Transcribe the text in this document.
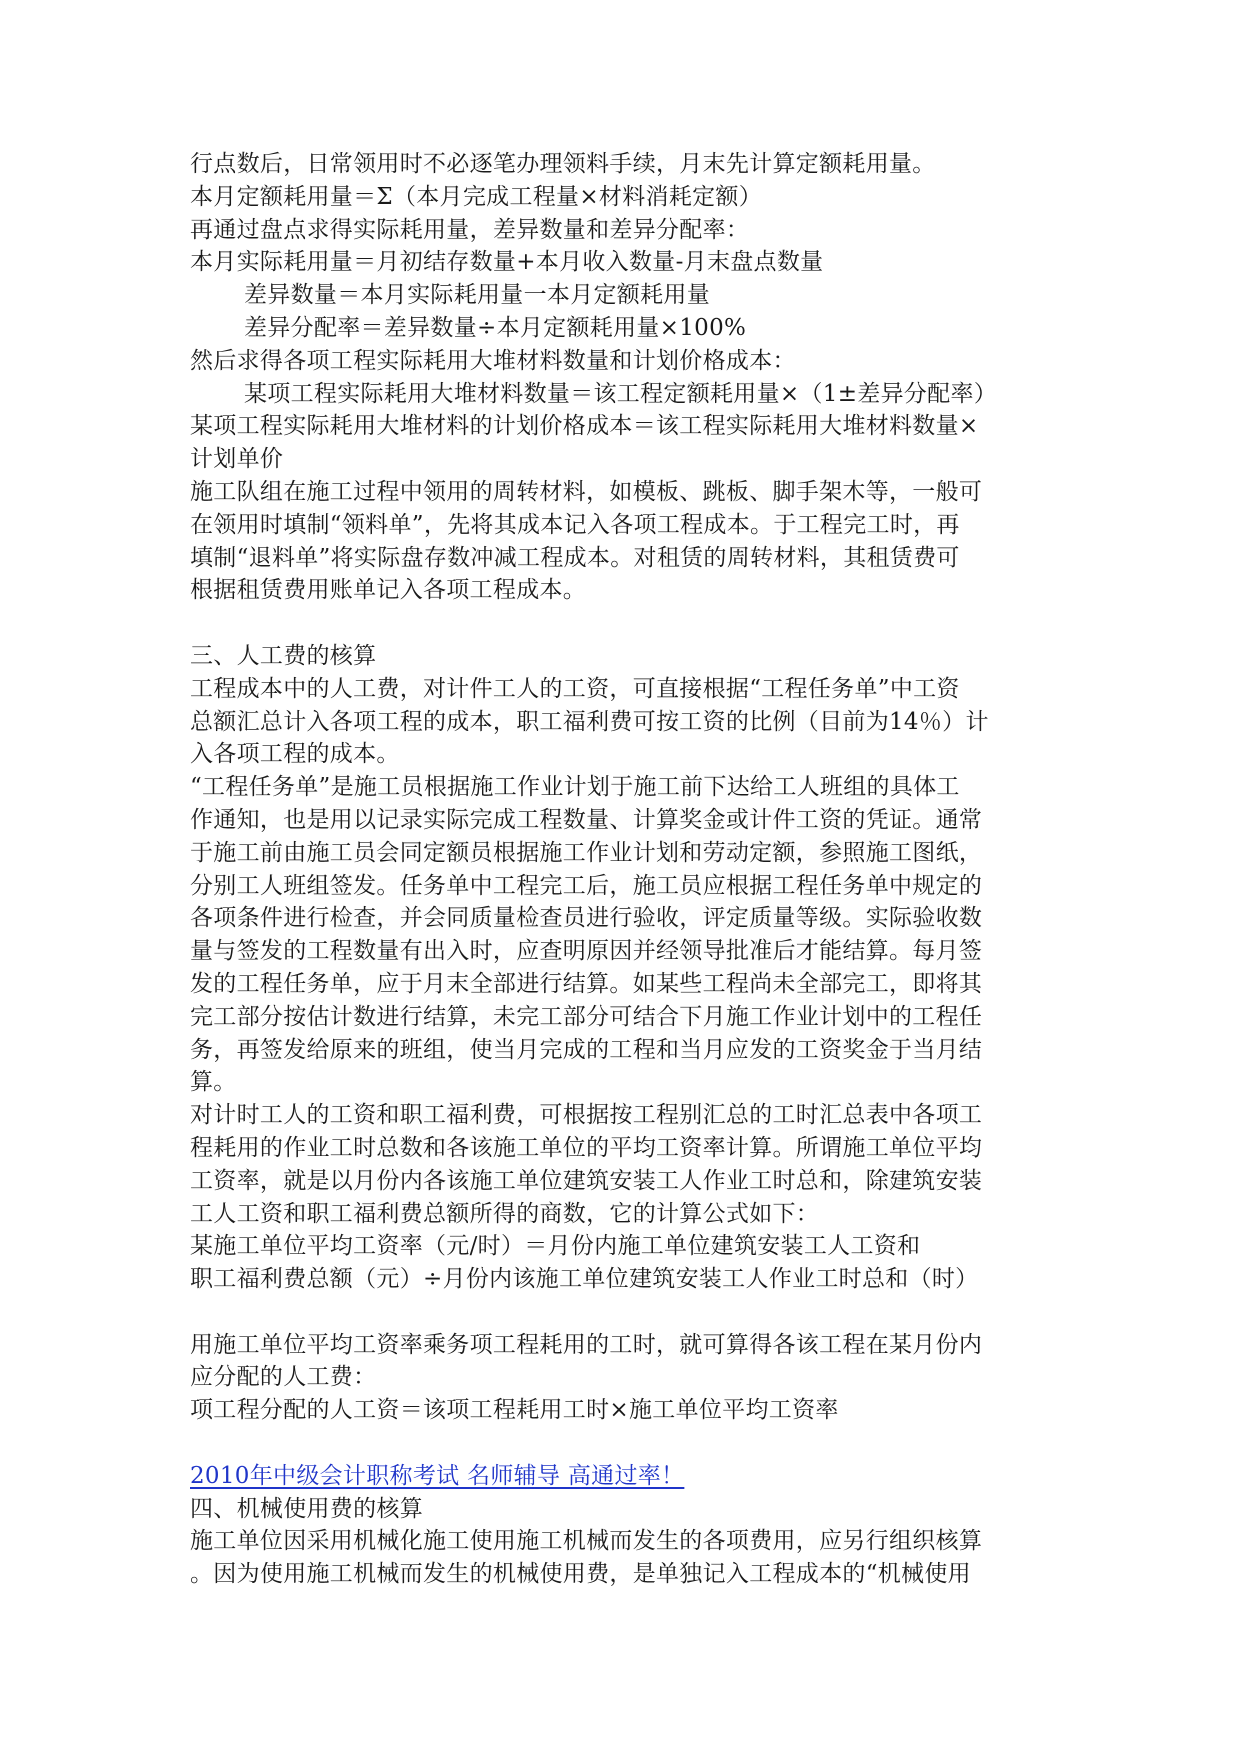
行点数后，日常领用时不必逐笔办理领料手续，月末先计算定额耗用量。
本月定额耗用量＝Σ（本月完成工程量×材料消耗定额）
再通过盘点求得实际耗用量，差异数量和差异分配率：
本月实际耗用量＝月初结存数量+本月收入数量-月末盘点数量
差异数量＝本月实际耗用量一本月定额耗用量
差异分配率＝差异数量÷本月定额耗用量×100%
然后求得各项工程实际耗用大堆材料数量和计划价格成本：
某项工程实际耗用大堆材料数量＝该工程定额耗用量×（1±差异分配率）
某项工程实际耗用大堆材料的计划价格成本＝该工程实际耗用大堆材料数量×
计划单价
施工队组在施工过程中领用的周转材料，如模板、跳板、脚手架木等，一般可
在领用时填制“领料单”，先将其成本记入各项工程成本。于工程完工时，再
填制“退料单”将实际盘存数冲减工程成本。对租赁的周转材料，其租赁费可
根据租赁费用账单记入各项工程成本。
三、人工费的核算
工程成本中的人工费，对计件工人的工资，可直接根据“工程任务单”中工资
总额汇总计入各项工程的成本，职工福利费可按工资的比例（目前为14％）计
入各项工程的成本。
“工程任务单”是施工员根据施工作业计划于施工前下达给工人班组的具体工
作通知，也是用以记录实际完成工程数量、计算奖金或计件工资的凭证。通常
于施工前由施工员会同定额员根据施工作业计划和劳动定额，参照施工图纸，
分别工人班组签发。任务单中工程完工后，施工员应根据工程任务单中规定的
各项条件进行检查，并会同质量检查员进行验收，评定质量等级。实际验收数
量与签发的工程数量有出入时，应查明原因并经领导批准后才能结算。每月签
发的工程任务单，应于月末全部进行结算。如某些工程尚未全部完工，即将其
完工部分按估计数进行结算，未完工部分可结合下月施工作业计划中的工程任
务，再签发给原来的班组，使当月完成的工程和当月应发的工资奖金于当月结
算。
对计时工人的工资和职工福利费，可根据按工程别汇总的工时汇总表中各项工
程耗用的作业工时总数和各该施工单位的平均工资率计算。所谓施工单位平均
工资率，就是以月份内各该施工单位建筑安装工人作业工时总和，除建筑安装
工人工资和职工福利费总额所得的商数，它的计算公式如下：
某施工单位平均工资率（元/时）＝月份内施工单位建筑安装工人工资和
职工福利费总额（元）÷月份内该施工单位建筑安装工人作业工时总和（时）
用施工单位平均工资率乘务项工程耗用的工时，就可算得各该工程在某月份内
应分配的人工费：
项工程分配的人工资＝该项工程耗用工时×施工单位平均工资率
2010年中级会计职称考试 名师辅导 高通过率！
四、机械使用费的核算
施工单位因采用机械化施工使用施工机械而发生的各项费用，应另行组织核算
。因为使用施工机械而发生的机械使用费，是单独记入工程成本的“机械使用
